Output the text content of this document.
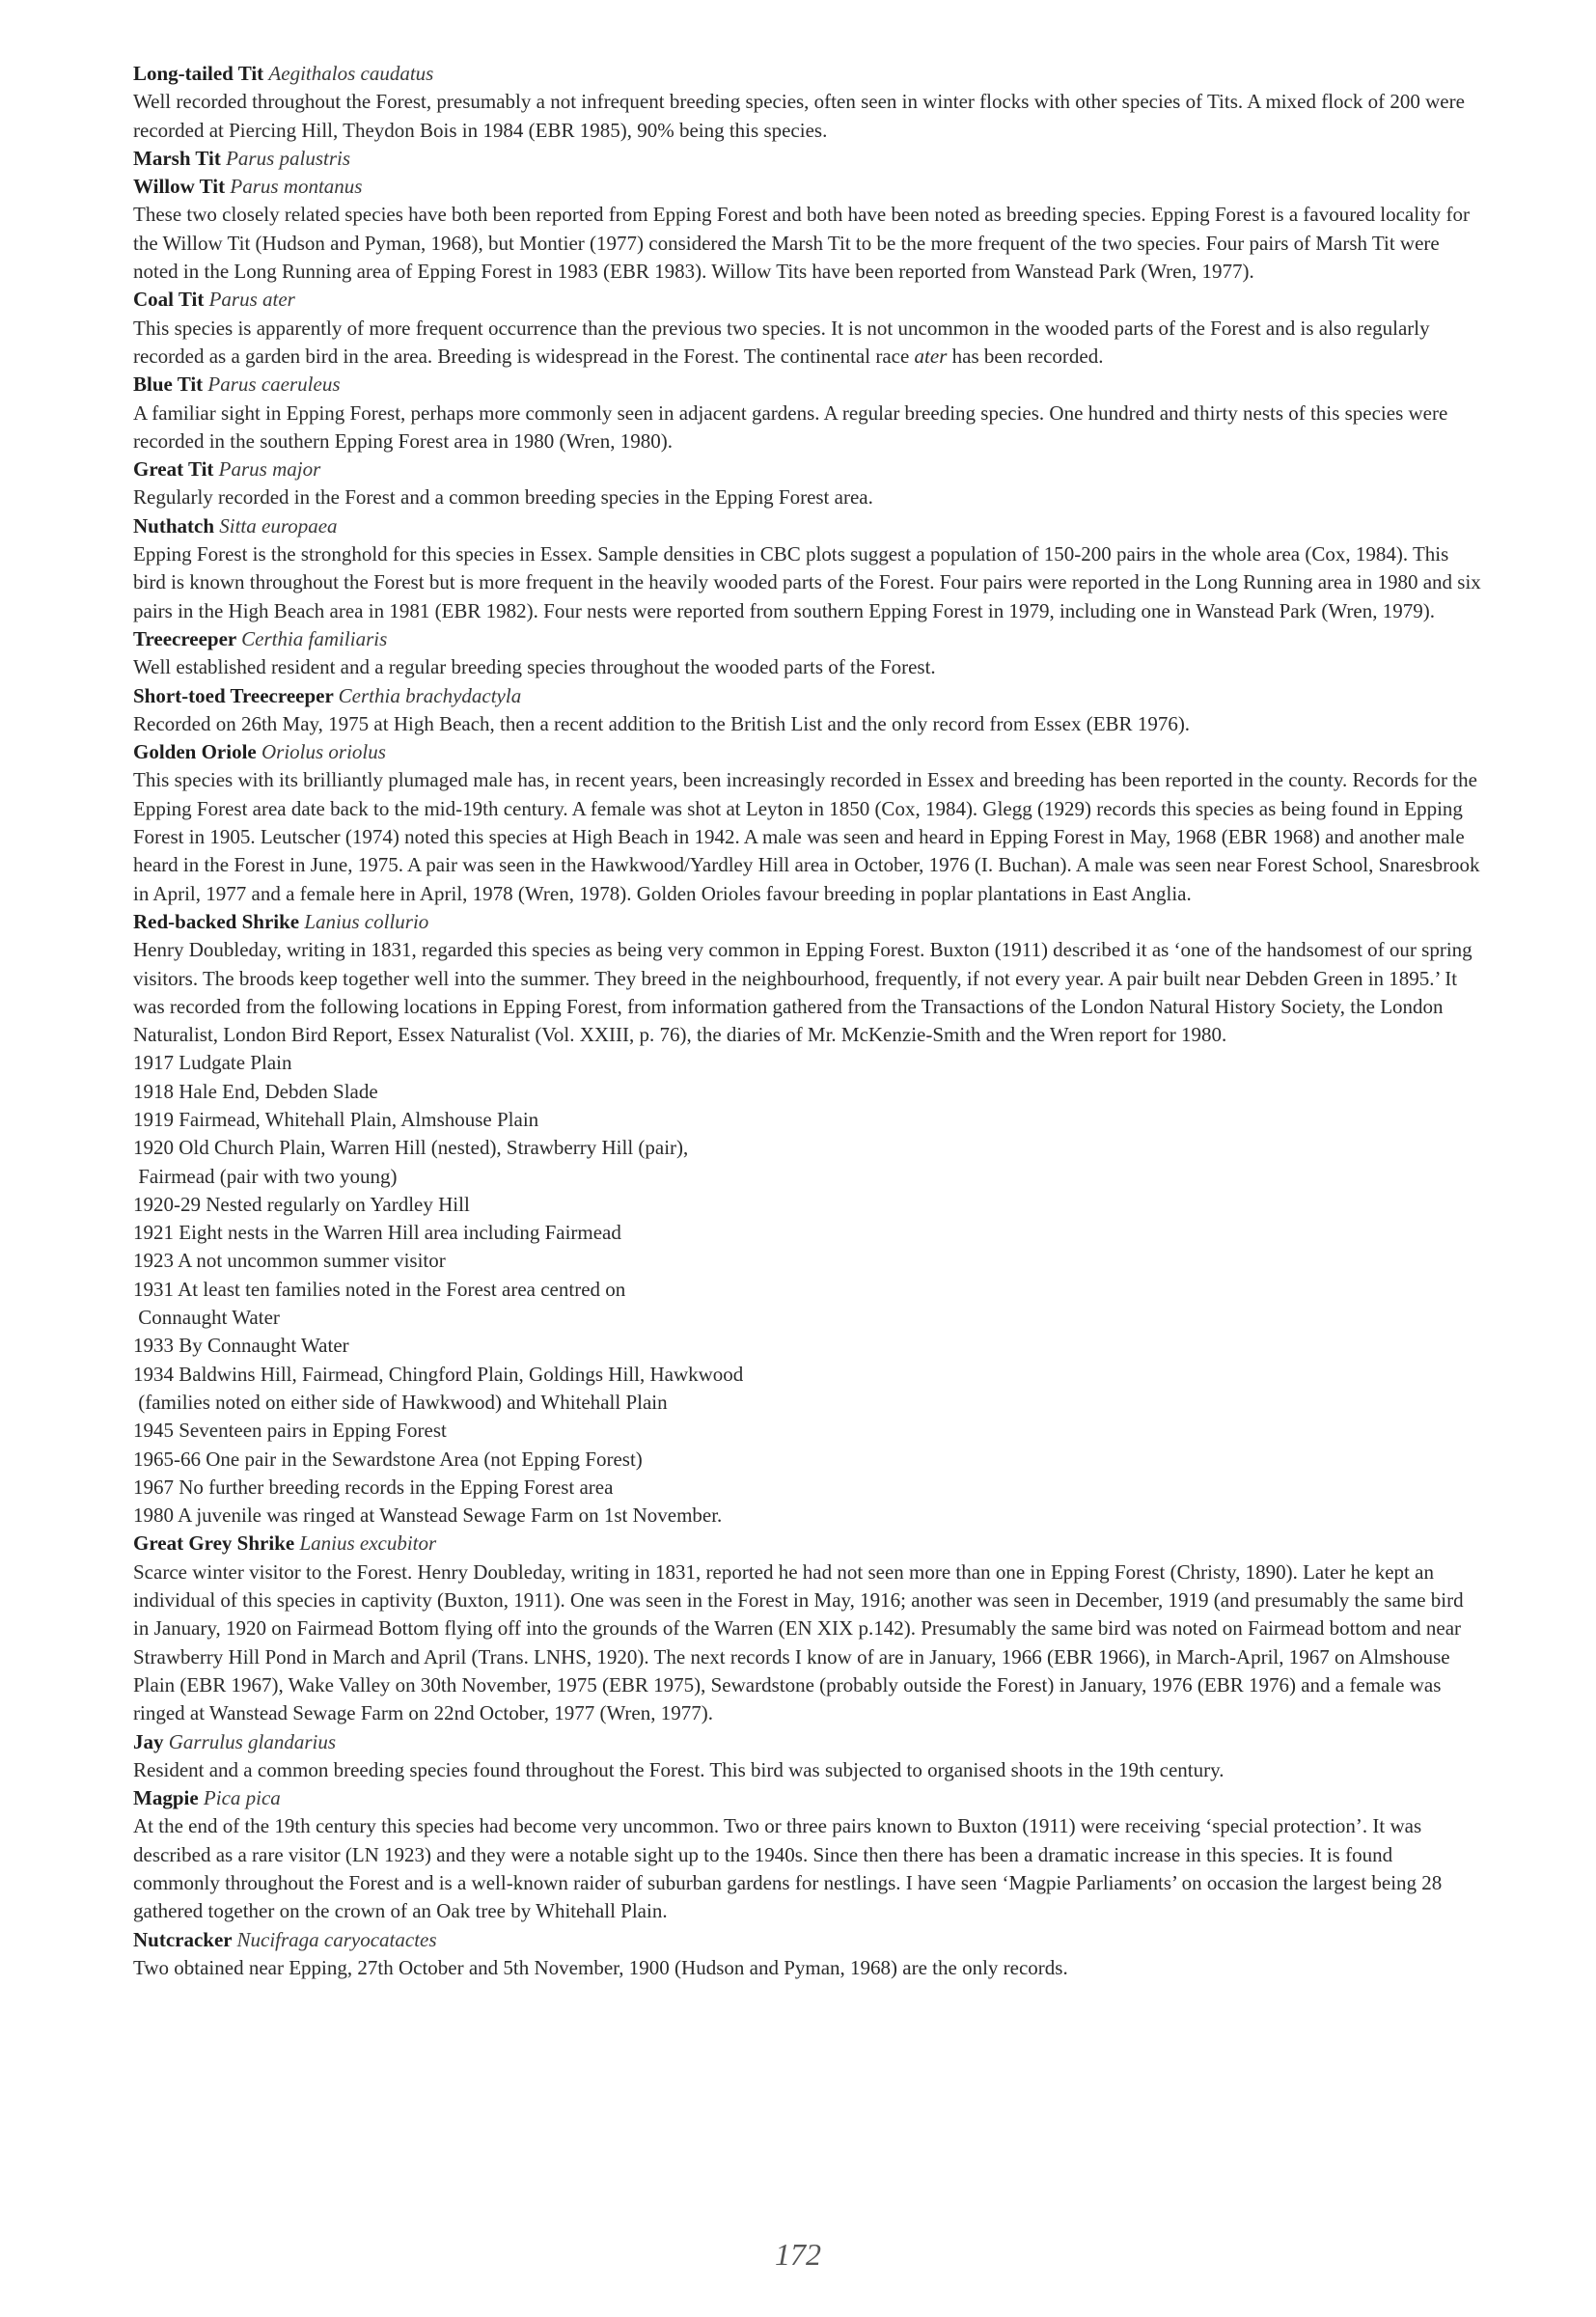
Long-tailed Tit Aegithalos caudatus
Well recorded throughout the Forest, presumably a not infrequent breeding species, often seen in winter flocks with other species of Tits. A mixed flock of 200 were recorded at Piercing Hill, Theydon Bois in 1984 (EBR 1985), 90% being this species.
Marsh Tit Parus palustris
Willow Tit Parus montanus
These two closely related species have both been reported from Epping Forest and both have been noted as breeding species. Epping Forest is a favoured locality for the Willow Tit (Hudson and Pyman, 1968), but Montier (1977) considered the Marsh Tit to be the more frequent of the two species. Four pairs of Marsh Tit were noted in the Long Running area of Epping Forest in 1983 (EBR 1983). Willow Tits have been reported from Wanstead Park (Wren, 1977).
Coal Tit Parus ater
This species is apparently of more frequent occurrence than the previous two species. It is not uncommon in the wooded parts of the Forest and is also regularly recorded as a garden bird in the area. Breeding is widespread in the Forest. The continental race ater has been recorded.
Blue Tit Parus caeruleus
A familiar sight in Epping Forest, perhaps more commonly seen in adjacent gardens. A regular breeding species. One hundred and thirty nests of this species were recorded in the southern Epping Forest area in 1980 (Wren, 1980).
Great Tit Parus major
Regularly recorded in the Forest and a common breeding species in the Epping Forest area.
Nuthatch Sitta europaea
Epping Forest is the stronghold for this species in Essex. Sample densities in CBC plots suggest a population of 150-200 pairs in the whole area (Cox, 1984). This bird is known throughout the Forest but is more frequent in the heavily wooded parts of the Forest. Four pairs were reported in the Long Running area in 1980 and six pairs in the High Beach area in 1981 (EBR 1982). Four nests were reported from southern Epping Forest in 1979, including one in Wanstead Park (Wren, 1979).
Treecreeper Certhia familiaris
Well established resident and a regular breeding species throughout the wooded parts of the Forest.
Short-toed Treecreeper Certhia brachydactyla
Recorded on 26th May, 1975 at High Beach, then a recent addition to the British List and the only record from Essex (EBR 1976).
Golden Oriole Oriolus oriolus
This species with its brilliantly plumaged male has, in recent years, been increasingly recorded in Essex and breeding has been reported in the county. Records for the Epping Forest area date back to the mid-19th century. A female was shot at Leyton in 1850 (Cox, 1984). Glegg (1929) records this species as being found in Epping Forest in 1905. Leutscher (1974) noted this species at High Beach in 1942. A male was seen and heard in Epping Forest in May, 1968 (EBR 1968) and another male heard in the Forest in June, 1975. A pair was seen in the Hawkwood/Yardley Hill area in October, 1976 (I. Buchan). A male was seen near Forest School, Snaresbrook in April, 1977 and a female here in April, 1978 (Wren, 1978). Golden Orioles favour breeding in poplar plantations in East Anglia.
Red-backed Shrike Lanius collurio
Henry Doubleday, writing in 1831, regarded this species as being very common in Epping Forest. Buxton (1911) described it as ‘one of the handsomest of our spring visitors. The broods keep together well into the summer. They breed in the neighbourhood, frequently, if not every year. A pair built near Debden Green in 1895.’ It was recorded from the following locations in Epping Forest, from information gathered from the Transactions of the London Natural History Society, the London Naturalist, London Bird Report, Essex Naturalist (Vol. XXIII, p. 76), the diaries of Mr. McKenzie-Smith and the Wren report for 1980.
1917 Ludgate Plain
1918 Hale End, Debden Slade
1919 Fairmead, Whitehall Plain, Almshouse Plain
1920 Old Church Plain, Warren Hill (nested), Strawberry Hill (pair),
Fairmead (pair with two young)
1920-29 Nested regularly on Yardley Hill
1921 Eight nests in the Warren Hill area including Fairmead
1923 A not uncommon summer visitor
1931 At least ten families noted in the Forest area centred on
Connaught Water
1933 By Connaught Water
1934 Baldwins Hill, Fairmead, Chingford Plain, Goldings Hill, Hawkwood
(families noted on either side of Hawkwood) and Whitehall Plain
1945 Seventeen pairs in Epping Forest
1965-66 One pair in the Sewardstone Area (not Epping Forest)
1967 No further breeding records in the Epping Forest area
1980 A juvenile was ringed at Wanstead Sewage Farm on 1st November.
Great Grey Shrike Lanius excubitor
Scarce winter visitor to the Forest. Henry Doubleday, writing in 1831, reported he had not seen more than one in Epping Forest (Christy, 1890). Later he kept an individual of this species in captivity (Buxton, 1911). One was seen in the Forest in May, 1916; another was seen in December, 1919 (and presumably the same bird in January, 1920 on Fairmead Bottom flying off into the grounds of the Warren (EN XIX p.142). Presumably the same bird was noted on Fairmead bottom and near Strawberry Hill Pond in March and April (Trans. LNHS, 1920). The next records I know of are in January, 1966 (EBR 1966), in March-April, 1967 on Almshouse Plain (EBR 1967), Wake Valley on 30th November, 1975 (EBR 1975), Sewardstone (probably outside the Forest) in January, 1976 (EBR 1976) and a female was ringed at Wanstead Sewage Farm on 22nd October, 1977 (Wren, 1977).
Jay Garrulus glandarius
Resident and a common breeding species found throughout the Forest. This bird was subjected to organised shoots in the 19th century.
Magpie Pica pica
At the end of the 19th century this species had become very uncommon. Two or three pairs known to Buxton (1911) were receiving ‘special protection’. It was described as a rare visitor (LN 1923) and they were a notable sight up to the 1940s. Since then there has been a dramatic increase in this species. It is found commonly throughout the Forest and is a well-known raider of suburban gardens for nestlings. I have seen ‘Magpie Parliaments’ on occasion the largest being 28 gathered together on the crown of an Oak tree by Whitehall Plain.
Nutcracker Nucifraga caryocatactes
Two obtained near Epping, 27th October and 5th November, 1900 (Hudson and Pyman, 1968) are the only records.
172
